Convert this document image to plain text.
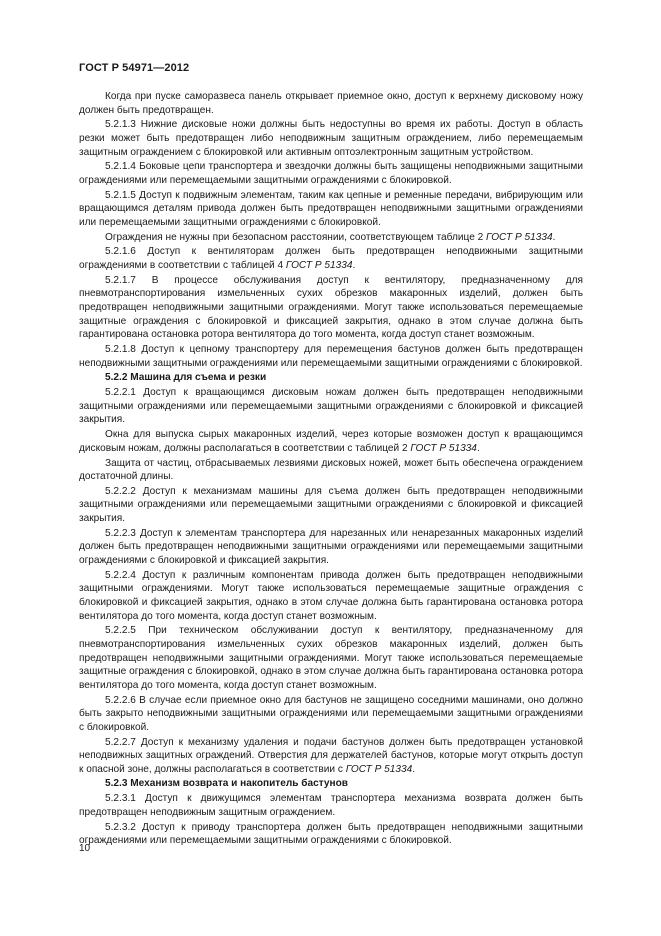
ГОСТ Р 54971—2012

Когда при пуске саморазвеса панель открывает приемное окно, доступ к верхнему дисковому ножу должен быть предотвращен.

5.2.1.3 Нижние дисковые ножи должны быть недоступны во время их работы. Доступ в область резки может быть предотвращен либо неподвижным защитным ограждением, либо перемещаемым защитным ограждением с блокировкой или активным оптоэлектронным защитным устройством.

5.2.1.4 Боковые цепи транспортера и звездочки должны быть защищены неподвижными защитными ограждениями или перемещаемыми защитными ограждениями с блокировкой.

5.2.1.5 Доступ к подвижным элементам, таким как цепные и ременные передачи, вибрирующим или вращающимся деталям привода должен быть предотвращен неподвижными защитными ограждениями или перемещаемыми защитными ограждениями с блокировкой.

Ограждения не нужны при безопасном расстоянии, соответствующем таблице 2 ГОСТ Р 51334.

5.2.1.6 Доступ к вентиляторам должен быть предотвращен неподвижными защитными ограждениями в соответствии с таблицей 4 ГОСТ Р 51334.

5.2.1.7 В процессе обслуживания доступ к вентилятору, предназначенному для пневмотранспортирования измельченных сухих обрезков макаронных изделий, должен быть предотвращен неподвижными защитными ограждениями. Могут также использоваться перемещаемые защитные ограждения с блокировкой и фиксацией закрытия, однако в этом случае должна быть гарантирована остановка ротора вентилятора до того момента, когда доступ станет возможным.

5.2.1.8 Доступ к цепному транспортеру для перемещения бастунов должен быть предотвращен неподвижными защитными ограждениями или перемещаемыми защитными ограждениями с блокировкой.

5.2.2 Машина для съема и резки

5.2.2.1 Доступ к вращающимся дисковым ножам должен быть предотвращен неподвижными защитными ограждениями или перемещаемыми защитными ограждениями с блокировкой и фиксацией закрытия.

Окна для выпуска сырых макаронных изделий, через которые возможен доступ к вращающимся дисковым ножам, должны располагаться в соответствии с таблицей 2 ГОСТ Р 51334.

Защита от частиц, отбрасываемых лезвиями дисковых ножей, может быть обеспечена ограждением достаточной длины.

5.2.2.2 Доступ к механизмам машины для съема должен быть предотвращен неподвижными защитными ограждениями или перемещаемыми защитными ограждениями с блокировкой и фиксацией закрытия.

5.2.2.3 Доступ к элементам транспортера для нарезанных или ненарезанных макаронных изделий должен быть предотвращен неподвижными защитными ограждениями или перемещаемыми защитными ограждениями с блокировкой и фиксацией закрытия.

5.2.2.4 Доступ к различным компонентам привода должен быть предотвращен неподвижными защитными ограждениями. Могут также использоваться перемещаемые защитные ограждения с блокировкой и фиксацией закрытия, однако в этом случае должна быть гарантирована остановка ротора вентилятора до того момента, когда доступ станет возможным.

5.2.2.5 При техническом обслуживании доступ к вентилятору, предназначенному для пневмотранспортирования измельченных сухих обрезков макаронных изделий, должен быть предотвращен неподвижными защитными ограждениями. Могут также использоваться перемещаемые защитные ограждения с блокировкой, однако в этом случае должна быть гарантирована остановка ротора вентилятора до того момента, когда доступ станет возможным.

5.2.2.6 В случае если приемное окно для бастунов не защищено соседними машинами, оно должно быть закрыто неподвижными защитными ограждениями или перемещаемыми защитными ограждениями с блокировкой.

5.2.2.7 Доступ к механизму удаления и подачи бастунов должен быть предотвращен установкой неподвижных защитных ограждений. Отверстия для держателей бастунов, которые могут открыть доступ к опасной зоне, должны располагаться в соответствии с ГОСТ Р 51334.

5.2.3 Механизм возврата и накопитель бастунов

5.2.3.1 Доступ к движущимся элементам транспортера механизма возврата должен быть предотвращен неподвижным защитным ограждением.

5.2.3.2 Доступ к приводу транспортера должен быть предотвращен неподвижными защитными ограждениями или перемещаемыми защитными ограждениями с блокировкой.

10
